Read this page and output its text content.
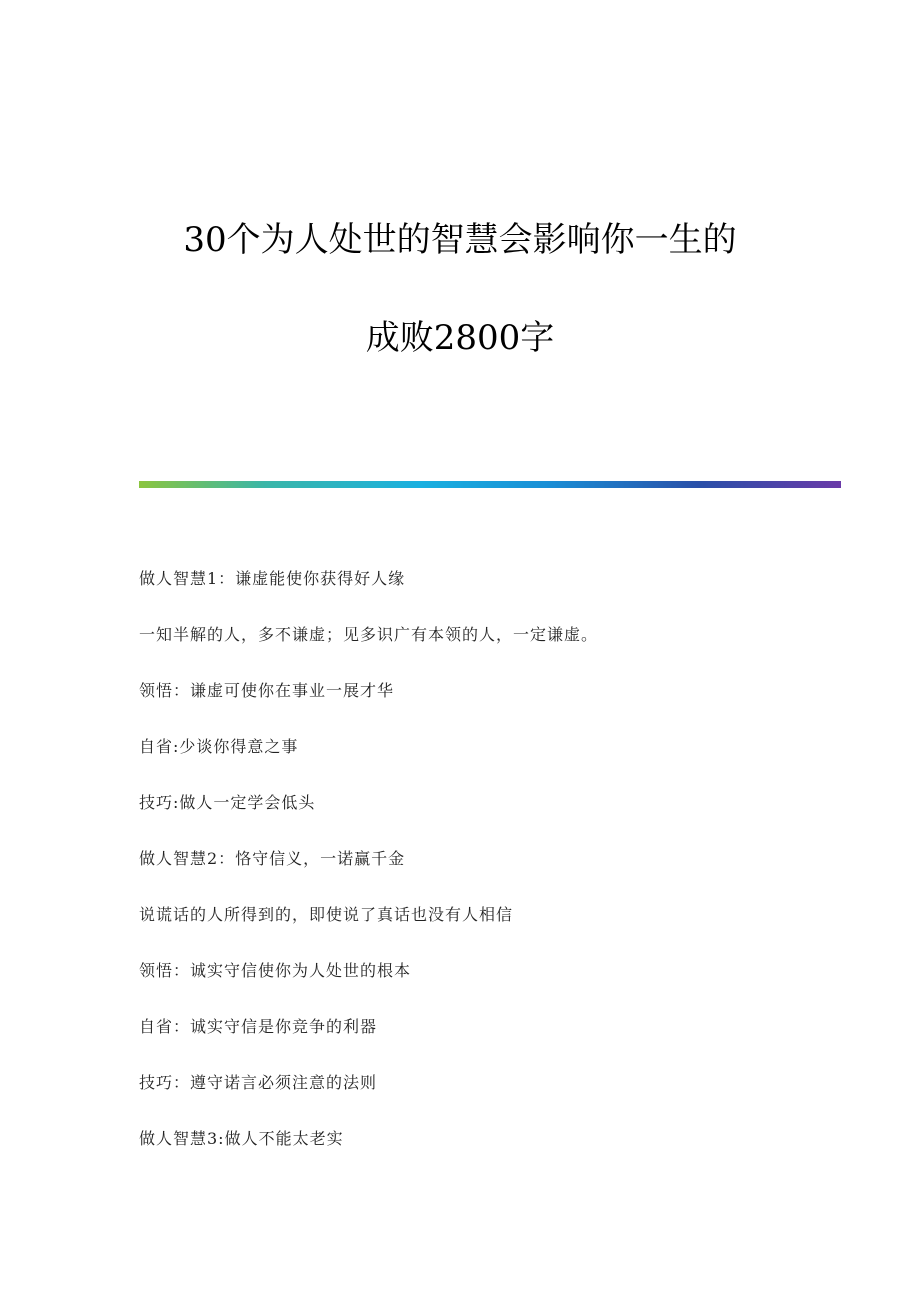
30个为人处世的智慧会影响你一生的
成败2800字
做人智慧1：谦虚能使你获得好人缘
一知半解的人，多不谦虚；见多识广有本领的人，一定谦虚。
领悟：谦虚可使你在事业一展才华
自省:少谈你得意之事
技巧:做人一定学会低头
做人智慧2：恪守信义，一诺赢千金
说谎话的人所得到的，即使说了真话也没有人相信
领悟：诚实守信使你为人处世的根本
自省：诚实守信是你竞争的利器
技巧：遵守诺言必须注意的法则
做人智慧3:做人不能太老实
